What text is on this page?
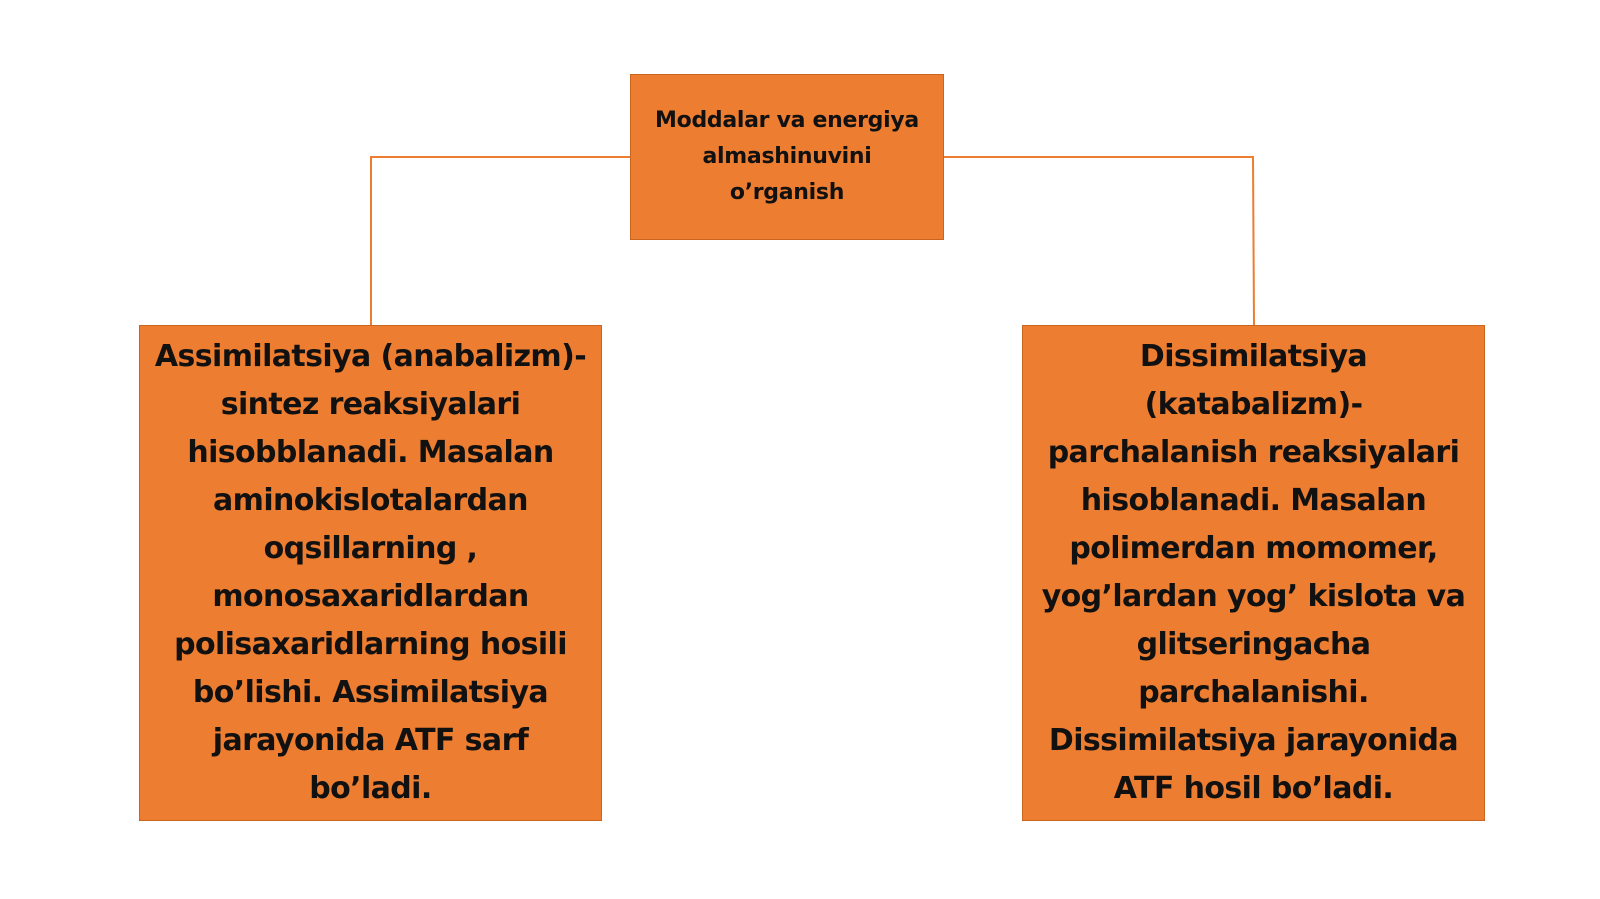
Moddalar va energiya
almashinuvini
o’rganish
Assimilatsiya (anabalizm)-
sintez reaksiyalari
hisobblanadi. Masalan
aminokislotalardan
oqsillarning ,
monosaxaridlardan
polisaxaridlarning hosili
bo’lishi. Assimilatsiya
jarayonida ATF sarf
bo’ladi.
Dissimilatsiya
(katabalizm)-
parchalanish reaksiyalari
hisoblanadi. Masalan
polimerdan momomer,
yog’lardan yog’ kislota va
glitseringacha
parchalanishi.
Dissimilatsiya jarayonida
ATF hosil bo’ladi.
